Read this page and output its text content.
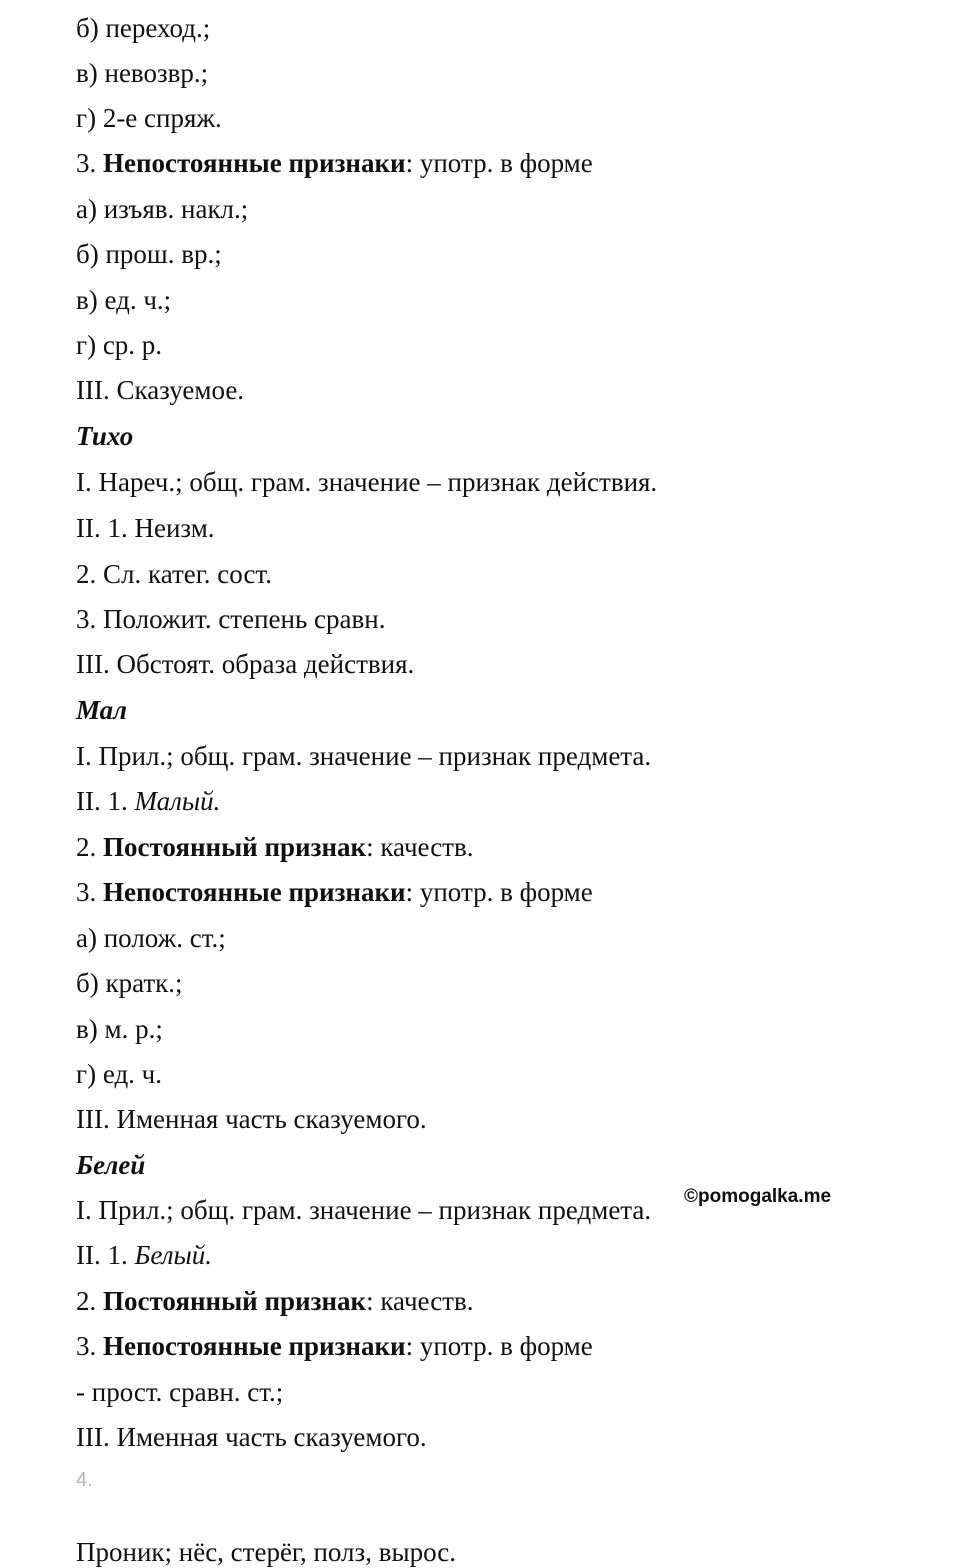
б) переход.;
в) невозвр.;
г) 2-е спряж.
3. Непостоянные признаки: употр. в форме
а) изъяв. накл.;
б) прош. вр.;
в) ед. ч.;
г) ср. р.
III. Сказуемое.
Тихо
I. Нареч.; общ. грам. значение – признак действия.
II. 1. Неизм.
2. Сл. катег. сост.
3. Положит. степень сравн.
III. Обстоят. образа действия.
Мал
I. Прил.; общ. грам. значение – признак предмета.
II. 1. Малый.
2. Постоянный признак: качеств.
3. Непостоянные признаки: употр. в форме
а) полож. ст.;
б) кратк.;
в) м. р.;
г) ед. ч.
III. Именная часть сказуемого.
Белей
I. Прил.; общ. грам. значение – признак предмета. ©pomogalka.me
II. 1. Белый.
2. Постоянный признак: качеств.
3. Непостоянные признаки: употр. в форме
- прост. сравн. ст.;
III. Именная часть сказуемого.
4.
Проник; нёс, стерёг, полз, вырос.
